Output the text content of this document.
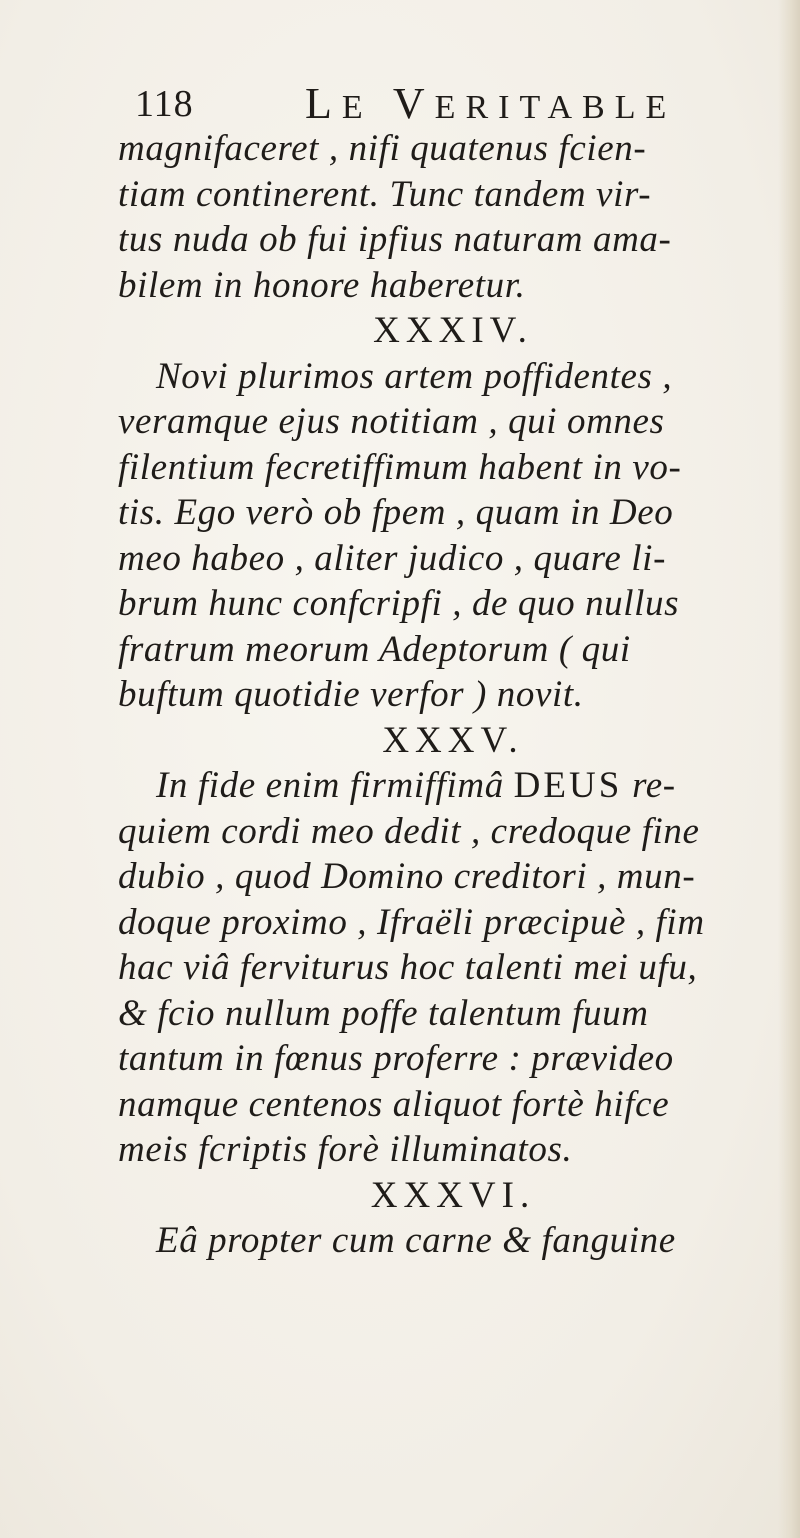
118	LE VERITABLE
magnifaceret , nifi quatenus fcien-
tiam continerent. Tunc tandem vir-
tus nuda ob fui ipfius naturam ama-
bilem in honore haberetur.
XXXIV.
Novi plurimos artem poffidentes ,
veramque ejus notitiam , qui omnes
filentium fecretiffimum habent in vo-
tis. Ego verò ob fpem , quam in Deo
meo habeo , aliter judico , quare li-
brum hunc confcripfi , de quo nullus
fratrum meorum Adeptorum ( qui
buftum quotidie verfor ) novit.
XXXV.
In fide enim firmiffimâ DEUS re-
quiem cordi meo dedit , credoque fine
dubio , quod Domino creditori , mun-
doque proximo , Ifraëli præcipuè , fim
hac viâ ferviturus hoc talenti mei ufu,
& fcio nullum poffe talentum fuum
tantum in fœnus proferre : prævideo
namque centenos aliquot fortè hifce
meis fcriptis forè illuminatos.
XXXVI.
Eâ propter cum carne & fanguine
